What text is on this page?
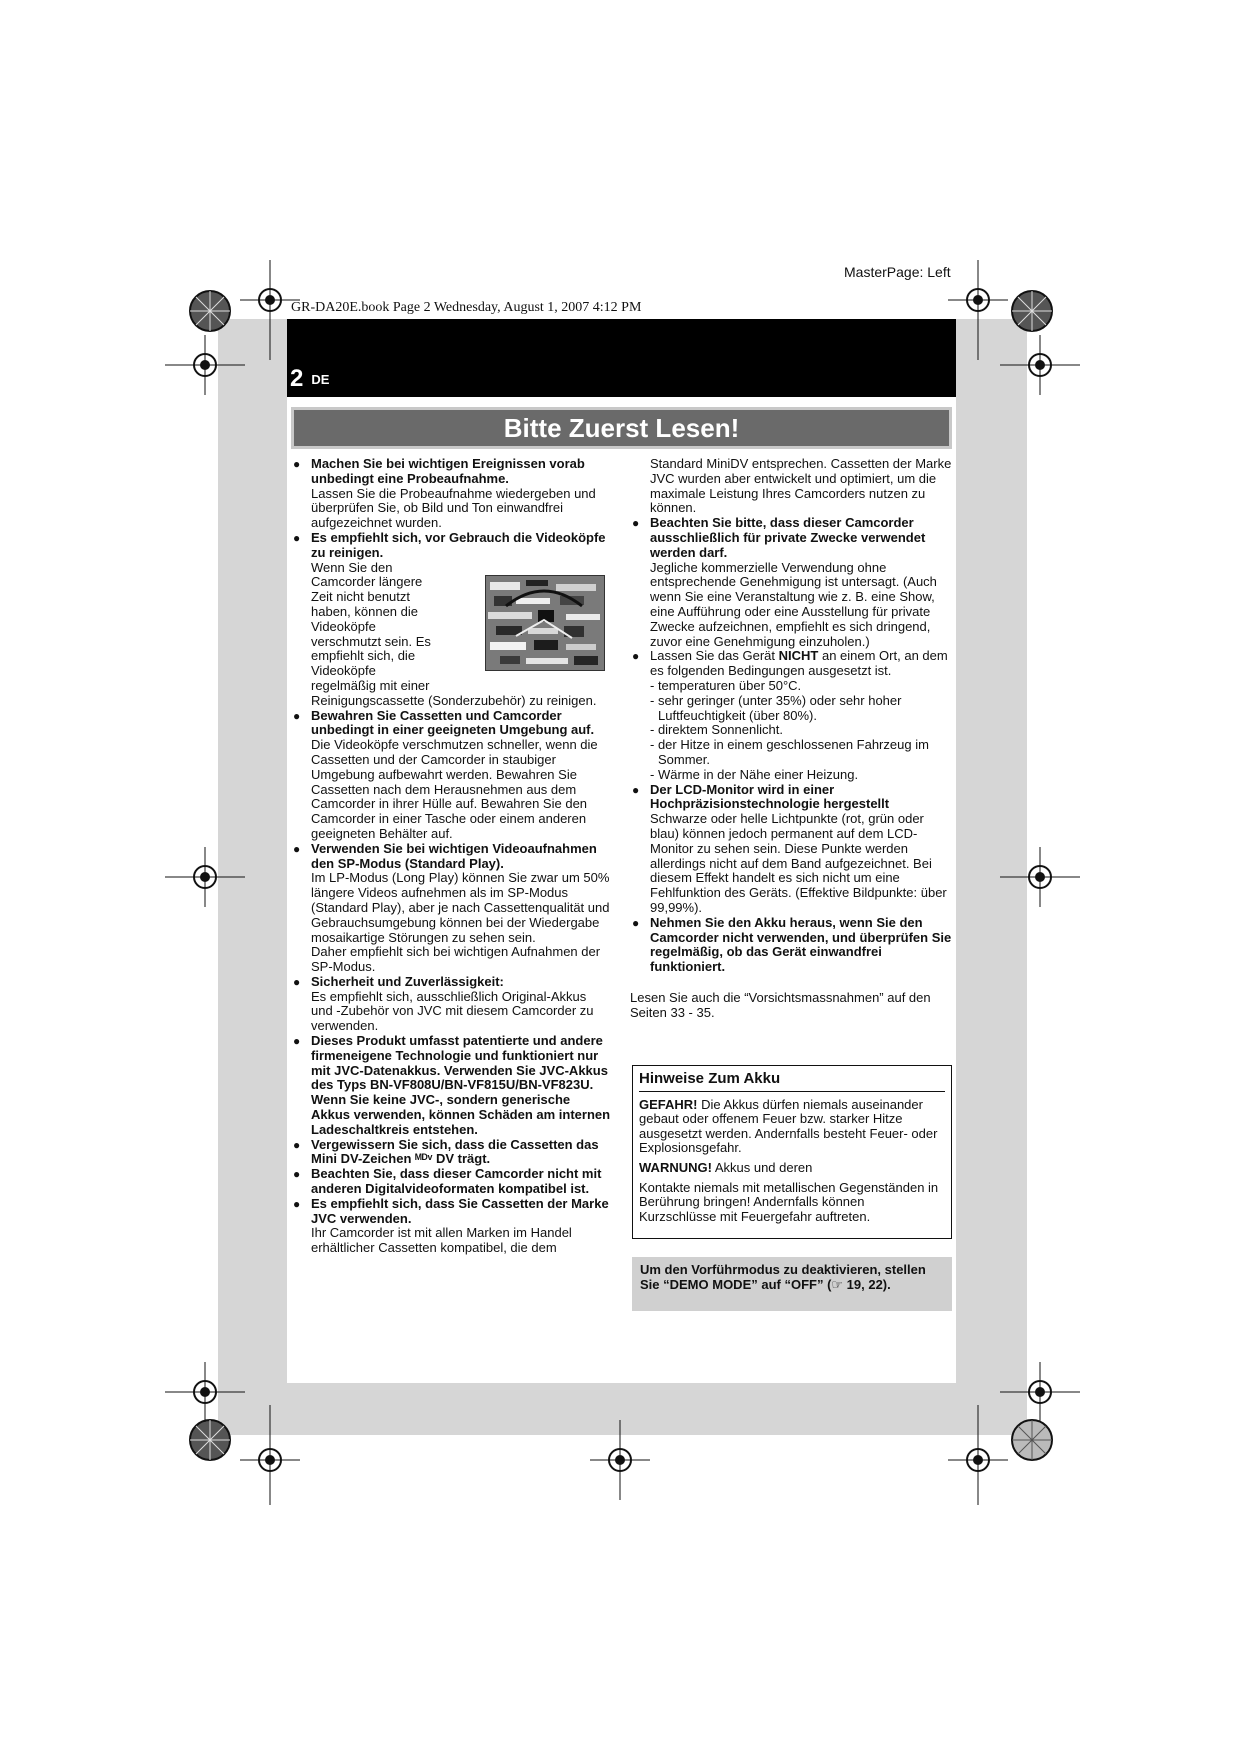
MasterPage: Left
GR-DA20E.book Page 2 Wednesday, August 1, 2007 4:12 PM
2 DE
Bitte Zuerst Lesen!
● Machen Sie bei wichtigen Ereignissen vorab unbedingt eine Probeaufnahme.
Lassen Sie die Probeaufnahme wiedergeben und überprüfen Sie, ob Bild und Ton einwandfrei aufgezeichnet wurden.
● Es empfiehlt sich, vor Gebrauch die Videoköpfe zu reinigen.
Wenn Sie den Camcorder längere Zeit nicht benutzt haben, können die Videoköpfe verschmutzt sein. Es empfiehlt sich, die Videoköpfe regelmäßig mit einer
Reinigungscassette (Sonderzubehör) zu reinigen.
● Bewahren Sie Cassetten und Camcorder unbedingt in einer geeigneten Umgebung auf.
Die Videoköpfe verschmutzen schneller, wenn die Cassetten und der Camcorder in staubiger Umgebung aufbewahrt werden. Bewahren Sie Cassetten nach dem Herausnehmen aus dem Camcorder in ihrer Hülle auf. Bewahren Sie den Camcorder in einer Tasche oder einem anderen geeigneten Behälter auf.
● Verwenden Sie bei wichtigen Videoaufnahmen den SP-Modus (Standard Play).
Im LP-Modus (Long Play) können Sie zwar um 50% längere Videos aufnehmen als im SP-Modus (Standard Play), aber je nach Cassettenqualität und Gebrauchsumgebung können bei der Wiedergabe mosaikartige Störungen zu sehen sein.
Daher empfiehlt sich bei wichtigen Aufnahmen der SP-Modus.
● Sicherheit und Zuverlässigkeit:
Es empfiehlt sich, ausschließlich Original-Akkus und -Zubehör von JVC mit diesem Camcorder zu verwenden.
● Dieses Produkt umfasst patentierte und andere firmeneigene Technologie und funktioniert nur mit JVC-Datenakkus. Verwenden Sie JVC-Akkus des Typs BN-VF808U/BN-VF815U/BN-VF823U. Wenn Sie keine JVC-, sondern generische Akkus verwenden, können Schäden am internen Ladeschaltkreis entstehen.
● Vergewissern Sie sich, dass die Cassetten das Mini DV-Zeichen ᴹᴰᵛ DV trägt.
● Beachten Sie, dass dieser Camcorder nicht mit anderen Digitalvideoformaten kompatibel ist.
● Es empfiehlt sich, dass Sie Cassetten der Marke JVC verwenden.
Ihr Camcorder ist mit allen Marken im Handel erhältlicher Cassetten kompatibel, die dem
Standard MiniDV entsprechen. Cassetten der Marke JVC wurden aber entwickelt und optimiert, um die maximale Leistung Ihres Camcorders nutzen zu können.
● Beachten Sie bitte, dass dieser Camcorder ausschließlich für private Zwecke verwendet werden darf.
Jegliche kommerzielle Verwendung ohne entsprechende Genehmigung ist untersagt. (Auch wenn Sie eine Veranstaltung wie z. B. eine Show, eine Aufführung oder eine Ausstellung für private Zwecke aufzeichnen, empfiehlt es sich dringend, zuvor eine Genehmigung einzuholen.)
● Lassen Sie das Gerät NICHT an einem Ort, an dem es folgenden Bedingungen ausgesetzt ist.
- temperaturen über 50°C.
- sehr geringer (unter 35%) oder sehr hoher Luftfeuchtigkeit (über 80%).
- direktem Sonnenlicht.
- der Hitze in einem geschlossenen Fahrzeug im Sommer.
- Wärme in der Nähe einer Heizung.
● Der LCD-Monitor wird in einer Hochpräzisionstechnologie hergestellt
Schwarze oder helle Lichtpunkte (rot, grün oder blau) können jedoch permanent auf dem LCD-Monitor zu sehen sein. Diese Punkte werden allerdings nicht auf dem Band aufgezeichnet. Bei diesem Effekt handelt es sich nicht um eine Fehlfunktion des Geräts. (Effektive Bildpunkte: über 99,99%).
● Nehmen Sie den Akku heraus, wenn Sie den Camcorder nicht verwenden, und überprüfen Sie regelmäßig, ob das Gerät einwandfrei funktioniert.
Lesen Sie auch die “Vorsichtsmassnahmen” auf den Seiten 33 - 35.
Hinweise Zum Akku

GEFAHR! Die Akkus dürfen niemals auseinander gebaut oder offenem Feuer bzw. starker Hitze ausgesetzt werden. Andernfalls besteht Feuer- oder Explosionsgefahr.

WARNUNG! Akkus und deren

Kontakte niemals mit metallischen Gegenständen in Berührung bringen! Andernfalls können Kurzschlüsse mit Feuergefahr auftreten.

Um den Vorführmodus zu deaktivieren, stellen Sie “DEMO MODE” auf “OFF” (☞ 19, 22).
